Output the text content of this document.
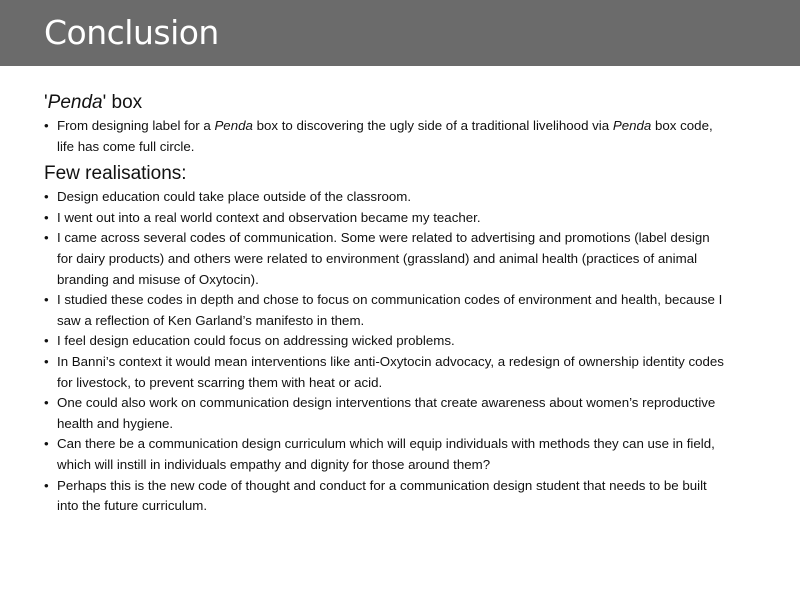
Conclusion

'Penda' box

• From designing label for a Penda box to discovering the ugly side of a traditional livelihood via Penda box code, life has come full circle.

Few realisations:

• Design education could take place outside of the classroom.
• I went out into a real world context and observation became my teacher.
• I came across several codes of communication. Some were related to advertising and promotions (label design for dairy products) and others were related to environment (grassland) and animal health (practices of animal branding and misuse of Oxytocin).
• I studied these codes in depth and chose to focus on communication codes of environment and health, because I saw a reflection of Ken Garland’s manifesto in them.
• I feel design education could focus on addressing wicked problems.
• In Banni’s context it would mean interventions like anti-Oxytocin advocacy, a redesign of ownership identity codes for livestock, to prevent scarring them with heat or acid.
• One could also work on communication design interventions that create awareness about women’s reproductive health and hygiene.
• Can there be a communication design curriculum which will equip individuals with methods they can use in field, which will instill in individuals empathy and dignity for those around them?
• Perhaps this is the new code of thought and conduct for a communication design student that needs to be built into the future curriculum.
